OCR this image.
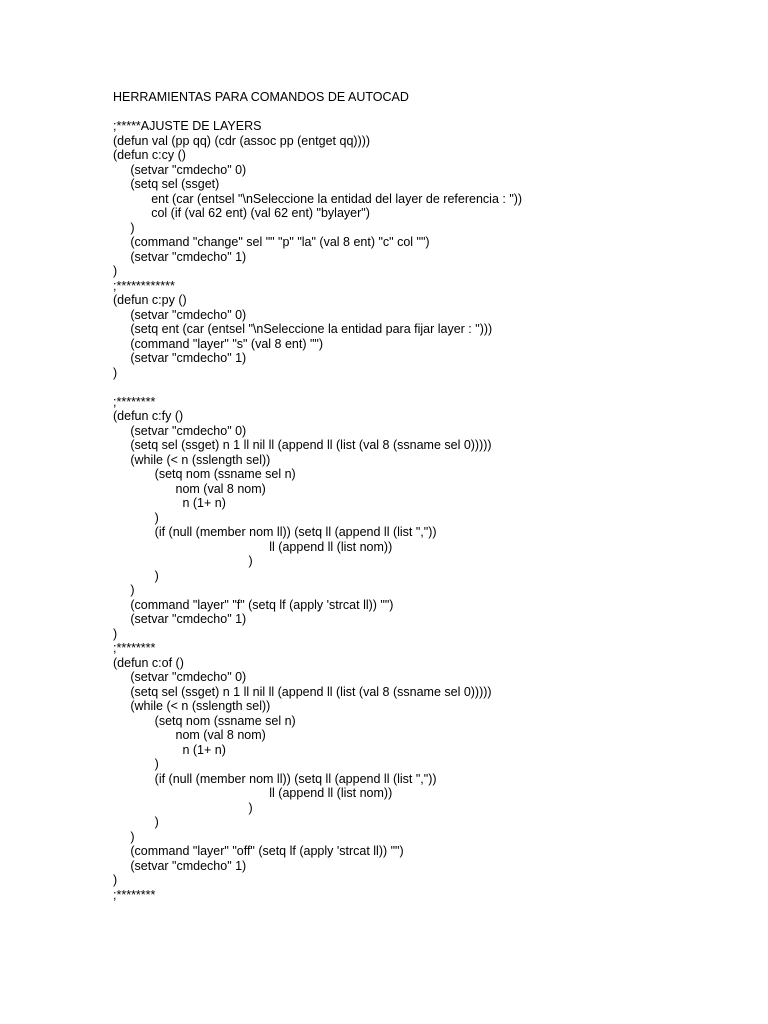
HERRAMIENTAS PARA COMANDOS DE AUTOCAD
;*****AJUSTE DE LAYERS
(defun val (pp qq) (cdr (assoc pp (entget qq))))
(defun c:cy ()
(setvar "cmdecho" 0)
(setq sel (ssget)
ent (car (entsel "\nSeleccione la entidad del layer de referencia : "))
col (if (val 62 ent) (val 62 ent) "bylayer")
)
(command "change" sel "" "p" "la" (val 8 ent) "c" col "")
(setvar "cmdecho" 1)
)
;************
(defun c:py ()
(setvar "cmdecho" 0)
(setq ent (car (entsel "\nSeleccione la entidad para fijar layer : ")))
(command "layer" "s" (val 8 ent) "")
(setvar "cmdecho" 1)
)
;********
(defun c:fy ()
(setvar "cmdecho" 0)
(setq sel (ssget) n 1 ll nil ll (append ll (list (val 8 (ssname sel 0)))))
(while (< n (sslength sel))
(setq nom (ssname sel n)
nom (val 8 nom)
n (1+ n)
)
(if (null (member nom ll)) (setq ll (append ll (list ","))
ll (append ll (list nom))
)
)
)
(command "layer" "f" (setq lf (apply 'strcat ll)) "")
(setvar "cmdecho" 1)
)
;********
(defun c:of ()
(setvar "cmdecho" 0)
(setq sel (ssget) n 1 ll nil ll (append ll (list (val 8 (ssname sel 0)))))
(while (< n (sslength sel))
(setq nom (ssname sel n)
nom (val 8 nom)
n (1+ n)
)
(if (null (member nom ll)) (setq ll (append ll (list ","))
ll (append ll (list nom))
)
)
)
(command "layer" "off" (setq lf (apply 'strcat ll)) "")
(setvar "cmdecho" 1)
)
;********
